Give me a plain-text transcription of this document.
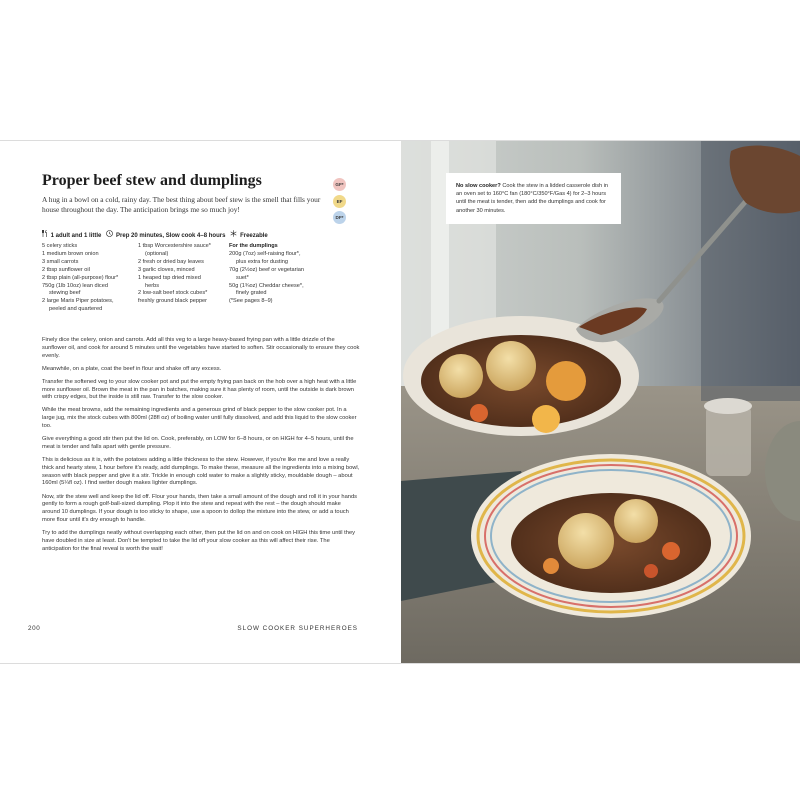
Proper beef stew and dumplings

A hug in a bowl on a cold, rainy day. The best thing about beef stew is the smell that fills your house throughout the day. The anticipation brings me so much joy!

GF*
EF
DF*
1 adult and 1 little	Prep 20 minutes, Slow cook 4–8 hours	Freezable
5 celery sticks
1 medium brown onion
3 small carrots
2 tbsp sunflower oil
2 tbsp plain (all-purpose) flour*
750g (1lb 10oz) lean diced
stewing beef
2 large Maris Piper potatoes,
peeled and quartered
1 tbsp Worcestershire sauce*
(optional)
2 fresh or dried bay leaves
3 garlic cloves, minced
1 heaped tsp dried mixed
herbs
2 low-salt beef stock cubes*
freshly ground black pepper
For the dumplings
200g (7oz) self-raising flour*,
plus extra for dusting
70g (2½oz) beef or vegetarian
suet*
50g (1¾oz) Cheddar cheese*,
finely grated
(*See pages 8–9)

Finely dice the celery, onion and carrots. Add all this veg to a large heavy-based frying pan with a little drizzle of the sunflower oil, and cook for around 5 minutes until the vegetables have started to soften. Stir occasionally to ensure they cook evenly.

Meanwhile, on a plate, coat the beef in flour and shake off any excess.

Transfer the softened veg to your slow cooker pot and put the empty frying pan back on the hob over a high heat with a little more sunflower oil. Brown the meat in the pan in batches, making sure it has plenty of room, until the outside is dark brown with crispy edges, but the inside is still raw. Transfer to the slow cooker.

While the meat browns, add the remaining ingredients and a generous grind of black pepper to the slow cooker pot. In a large jug, mix the stock cubes with 800ml (28fl oz) of boiling water until fully dissolved, and add this liquid to the slow cooker too.

Give everything a good stir then put the lid on. Cook, preferably, on LOW for 6–8 hours, or on HIGH for 4–5 hours, until the meat is tender and falls apart with gentle pressure.

This is delicious as it is, with the potatoes adding a little thickness to the stew. However, if you're like me and love a really thick and hearty stew, 1 hour before it's ready, add dumplings. To make these, measure all the ingredients into a mixing bowl, season with black pepper and give it a stir. Trickle in enough cold water to make a slightly sticky, mouldable dough – about 160ml (5¼fl oz). I find wetter dough makes lighter dumplings.

Now, stir the stew well and keep the lid off. Flour your hands, then take a small amount of the dough and roll it in your hands gently to form a rough golf-ball-sized dumpling. Plop it into the stew and repeat with the rest – the dough should make around 10 dumplings. If your dough is too sticky to shape, use a spoon to dollop the mixture into the stew, or add a touch more flour until it's dry enough to handle.

Try to add the dumplings neatly without overlapping each other, then put the lid on and on cook on HIGH this time until they have doubled in size at least. Don't be tempted to take the lid off your slow cooker as this will affect their rise. The anticipation for the final reveal is worth the wait!

200	SLOW COOKER SUPERHEROES
No slow cooker? Cook the stew in a lidded casserole dish in an oven set to 160°C fan (180°C/350°F/Gas 4) for 2–3 hours until the meat is tender, then add the dumplings and cook for another 30 minutes.
